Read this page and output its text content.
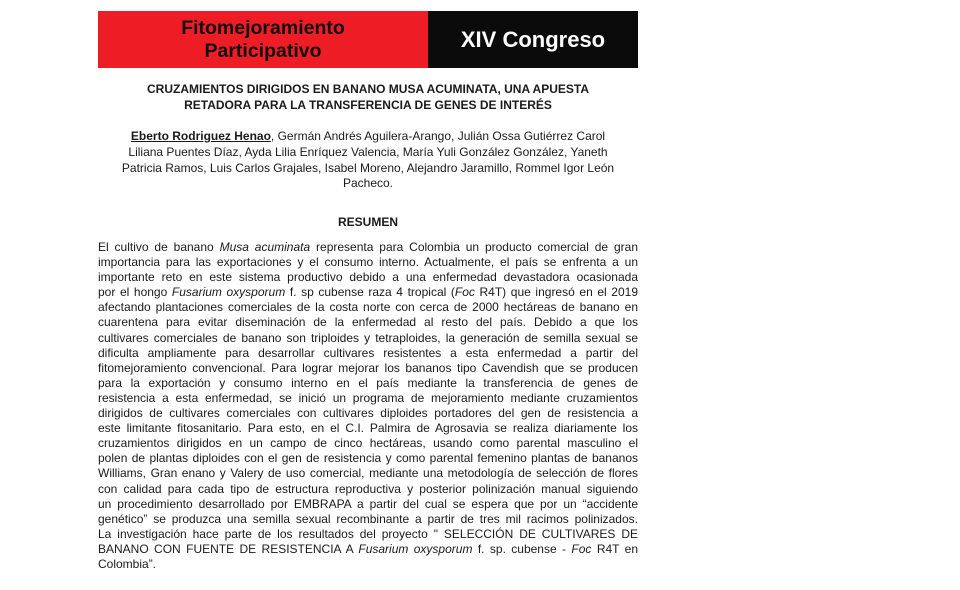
Fitomejoramiento
Participativo	XIV Congreso
CRUZAMIENTOS DIRIGIDOS EN BANANO MUSA ACUMINATA, UNA APUESTA
RETADORA PARA LA TRANSFERENCIA DE GENES DE INTERÉS
Eberto Rodriguez Henao, Germán Andrés Aguilera-Arango, Julián Ossa Gutiérrez Carol
Liliana Puentes Díaz, Ayda Lilia Enríquez Valencia, María Yuli González González, Yaneth
Patricia Ramos, Luis Carlos Grajales, Isabel Moreno, Alejandro Jaramillo, Rommel Igor León
Pacheco.
RESUMEN
El cultivo de banano Musa acuminata representa para Colombia un producto comercial de gran
importancia para las exportaciones y el consumo interno. Actualmente, el país se enfrenta a un
importante reto en este sistema productivo debido a una enfermedad devastadora ocasionada
por el hongo Fusarium oxysporum f. sp cubense raza 4 tropical (Foc R4T) que ingresó en el 2019
afectando plantaciones comerciales de la costa norte con cerca de 2000 hectáreas de banano en
cuarentena para evitar diseminación de la enfermedad al resto del país. Debido a que los
cultivares comerciales de banano son triploides y tetraploides, la generación de semilla sexual se
dificulta ampliamente para desarrollar cultivares resistentes a esta enfermedad a partir del
fitomejoramiento convencional. Para lograr mejorar los bananos tipo Cavendish que se producen
para la exportación y consumo interno en el país mediante la transferencia de genes de
resistencia a esta enfermedad, se inició un programa de mejoramiento mediante cruzamientos
dirigidos de cultivares comerciales con cultivares diploides portadores del gen de resistencia a
este limitante fitosanitario. Para esto, en el C.I. Palmira de Agrosavia se realiza diariamente los
cruzamientos dirigidos en un campo de cinco hectáreas, usando como parental masculino el
polen de plantas diploides con el gen de resistencia y como parental femenino plantas de bananos
Williams, Gran enano y Valery de uso comercial, mediante una metodología de selección de flores
con calidad para cada tipo de estructura reproductiva y posterior polinización manual siguiendo
un procedimiento desarrollado por EMBRAPA a partir del cual se espera que por un “accidente
genético” se produzca una semilla sexual recombinante a partir de tres mil racimos polinizados.
La investigación hace parte de los resultados del proyecto " SELECCIÓN DE CULTIVARES DE
BANANO CON FUENTE DE RESISTENCIA A Fusarium oxysporum f. sp. cubense - Foc R4T en
Colombia”.
